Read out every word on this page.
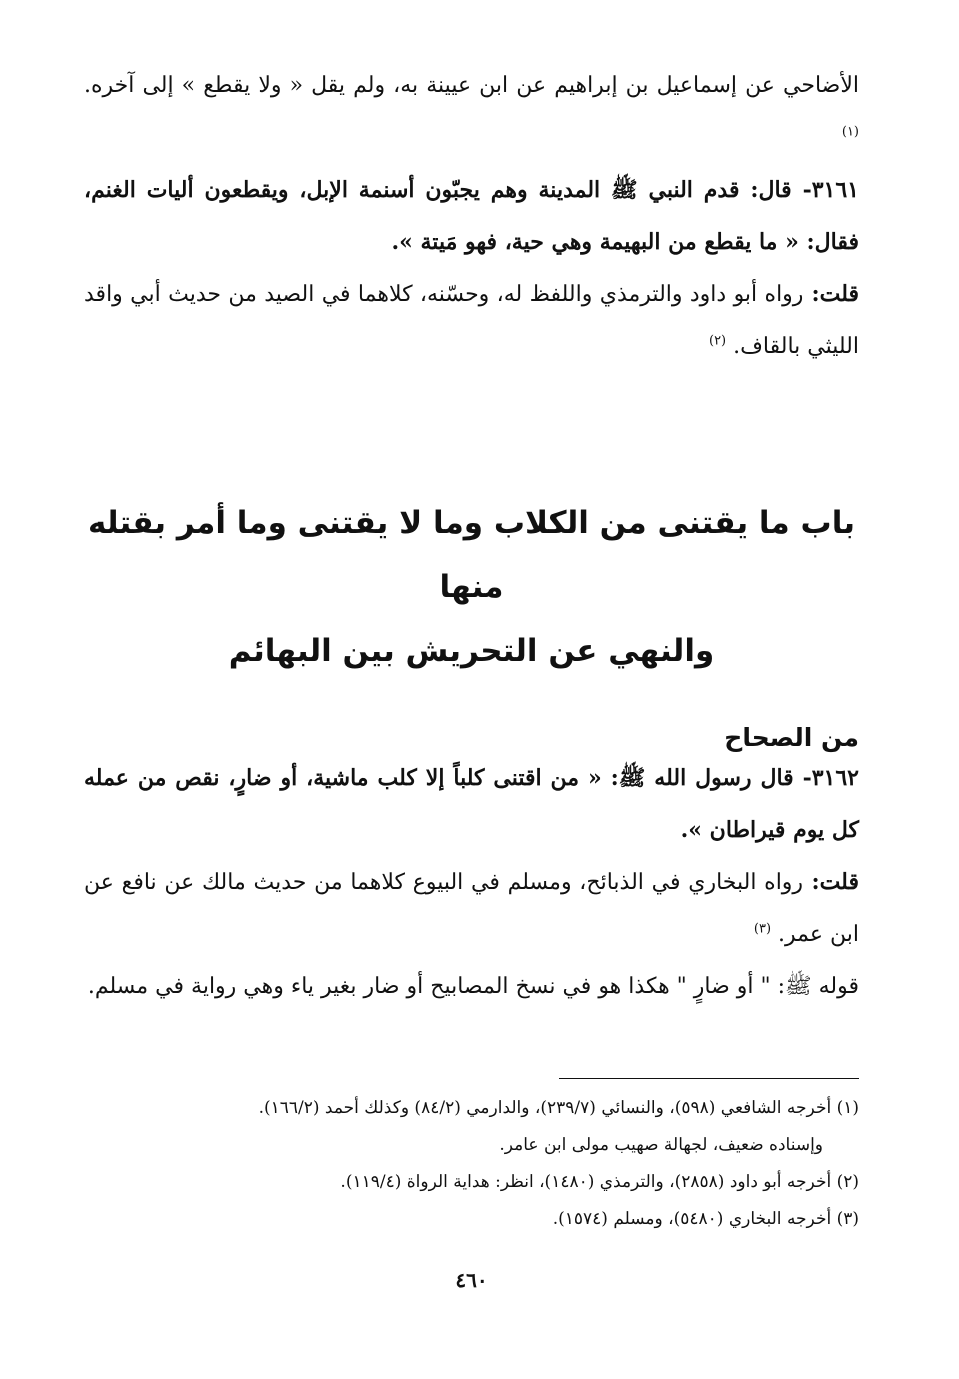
الأضاحي عن إسماعيل بن إبراهيم عن ابن عيينة به، ولم يقل « ولا يقطع » إلى آخره. $^{(١)}$

٣١٦١- قال: قدم النبي ﷺ المدينة وهم يجبّون أسنمة الإبل، ويقطعون أليات الغنم، فقال: « ما يقطع من البهيمة وهي حية، فهو مَيتة ».

قلت: رواه أبو داود والترمذي واللفظ له، وحسّنه، كلاهما في الصيد من حديث أبي واقد الليثي بالقاف. $^{(٢)}$

باب ما يقتنى من الكلاب وما لا يقتنى وما أمر بقتله منها
والنهي عن التحريش بين البهائم
من الصحاح

٣١٦٢- قال رسول الله ﷺ: « من اقتنى كلباً إلا كلب ماشية، أو ضارٍ، نقص من عمله كل يوم قيراطان ».

قلت: رواه البخاري في الذبائح، ومسلم في البيوع كلاهما من حديث مالك عن نافع عن ابن عمر. $^{(٣)}$

قوله ﷺ: " أو ضارٍ " هكذا هو في نسخ المصابيح أو ضار بغير ياء وهي رواية في مسلم.

(١) أخرجه الشافعي (٥٩٨)، والنسائي (٢٣٩/٧)، والدارمي (٨٤/٢) وكذلك أحمد (١٦٦/٢).

وإسناده ضعيف، لجهالة صهيب مولى ابن عامر.

(٢) أخرجه أبو داود (٢٨٥٨)، والترمذي (١٤٨٠)، انظر: هداية الرواة (١١٩/٤).

(٣) أخرجه البخاري (٥٤٨٠)، ومسلم (١٥٧٤).

٤٦٠
